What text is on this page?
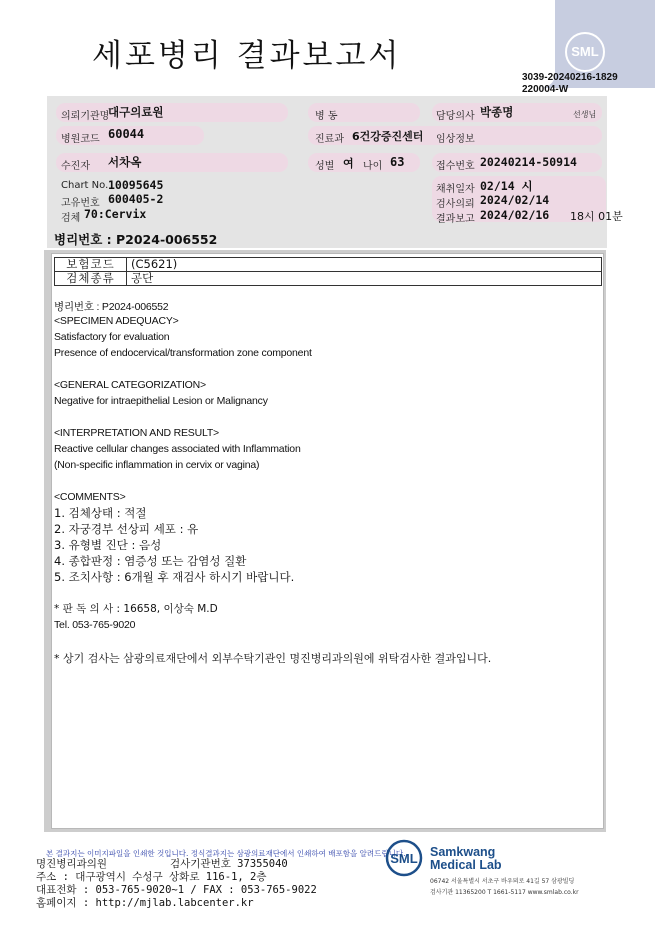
세포병리 결과보고서	SML
3039-20240216-1829
220004-W
의뢰기관명
대구의료원	병 동	담당의사 박종명	선생님
병원코드 60044	진료과 6건강증진센터 임상정보
수진자 서차옥	성별 여 나이 63	접수번호 20240214-50914
Chart No. 10095645
고유번호 600405-2
검체 70:Cervix
채취일자 02/14 시
검사의뢰 2024/02/14
결과보고 2024/02/16 18시 01분
병리번호 : P2024-006552
보험코드	(C5621)
검체종류	공단
병리번호 : P2024-006552
<SPECIMEN ADEQUACY>
Satisfactory for evaluation
Presence of endocervical/transformation zone component
<GENERAL CATEGORIZATION>
Negative for intraepithelial Lesion or Malignancy
<INTERPRETATION AND RESULT>
Reactive cellular changes associated with Inflammation
(Non-specific inflammation in cervix or vagina)
<COMMENTS>
1. 검체상태 : 적절
2. 자궁경부 선상피 세포 : 유
3. 유형별 진단 : 음성
4. 종합판정 : 염증성 또는 감염성 질환
5. 조치사항 : 6개월 후 재검사 하시기 바랍니다.
* 판 독 의 사 : 16658, 이상숙 M.D
Tel. 053-765-9020
* 상기 검사는 삼광의료재단에서 외부수탁기관인 명진병리과의원에 위탁검사한 결과입니다.
본 결과지는 이미지파일을 인쇄한 것입니다. 정식결과지는 삼광의료재단에서 인쇄하여 배포함을 알려드립니다.
명진병리과의원	검사기관번호 37355040
주소 : 대구광역시 수성구 상화로 116-1, 2층
대표전화 : 053-765-9020~1 / FAX : 053-765-9022
홈페이지 : http://mjlab.labcenter.kr
SML Samkwang
Medical Lab
06742 서울특별시 서초구 바우뫼로 41길 57 삼광빌딩
검사기관 11365200 T 1661-5117 www.smlab.co.kr
